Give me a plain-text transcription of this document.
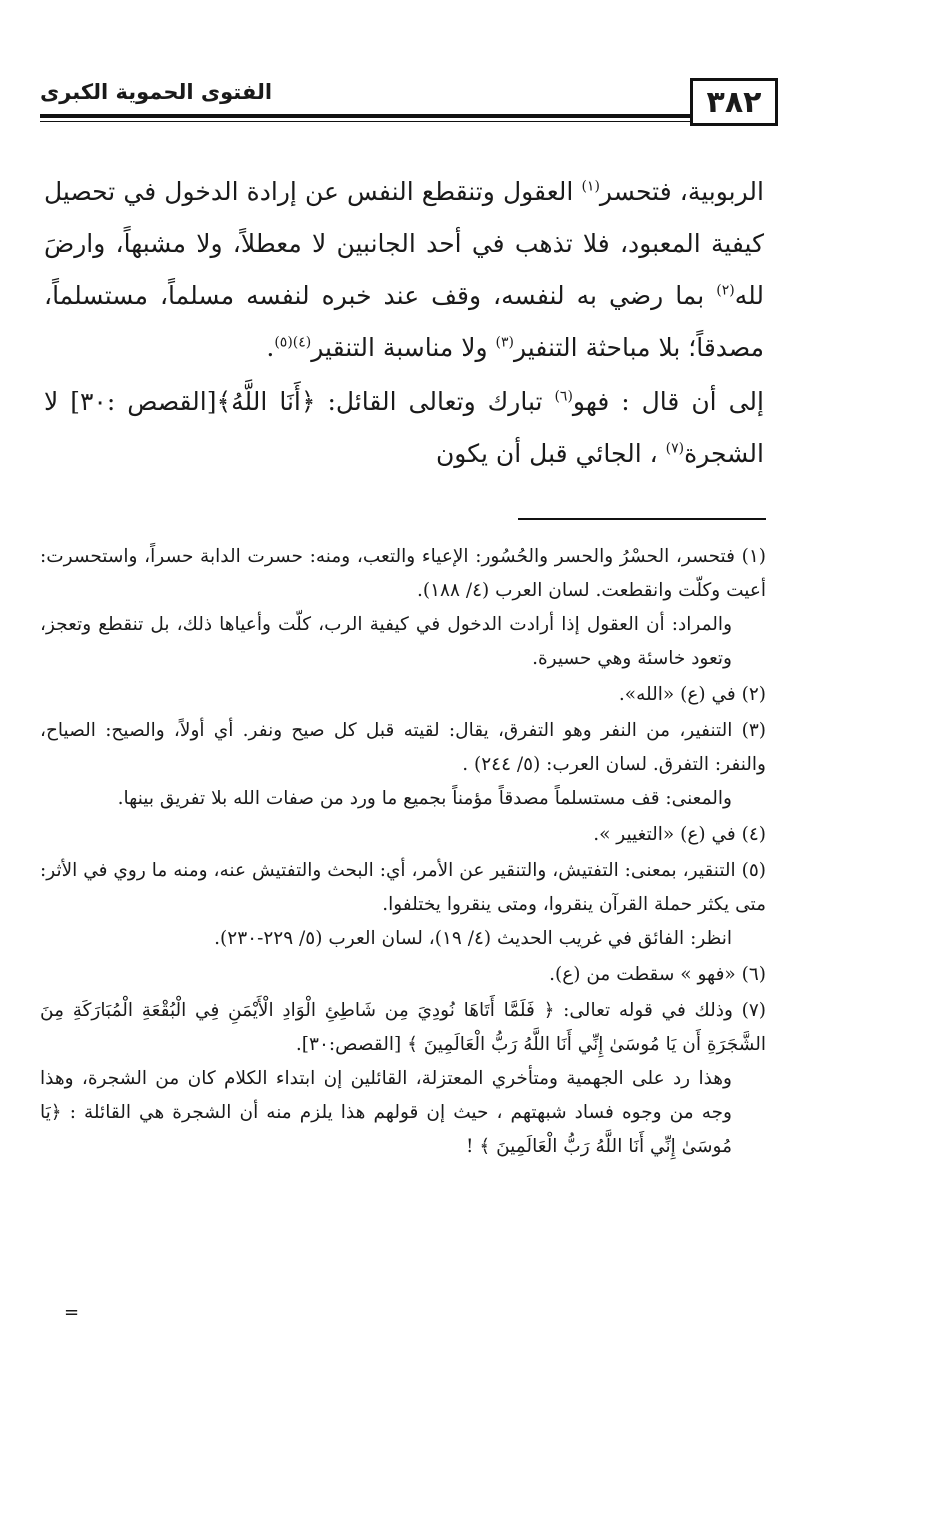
٣٨٢
الفتوى الحموية الكبرى

الربوبية، فتحسر$^{(١)}$ العقول وتنقطع النفس عن إرادة الدخول في تحصيل كيفية المعبود، فلا تذهب في أحد الجانبين لا معطلاً، ولا مشبهاً، وارضَ لله$^{(٢)}$ بما رضي به لنفسه، وقف عند خبره لنفسه مسلماً، مستسلماً، مصدقاً؛ بلا مباحثة التنفير$^{(٣)}$ ولا مناسبة التنقير$^{(٤)(٥)}$.

إلى أن قال : فهو$^{(٦)}$ تبارك وتعالى القائل: ﴿أَنَا اللَّهُ﴾[القصص :٣٠] لا الشجرة$^{(٧)}$ ، الجائي قبل أن يكون

(١) فتحسر، الحسْرُ والحسر والحُسُور: الإعياء والتعب، ومنه: حسرت الدابة حسراً، واستحسرت: أعيت وكلّت وانقطعت. لسان العرب (٤/ ١٨٨).
والمراد: أن العقول إذا أرادت الدخول في كيفية الرب، كلّت وأعياها ذلك، بل تنقطع وتعجز، وتعود خاسئة وهي حسيرة.
(٢) في (ع) «الله».
(٣) التنفير، من النفر وهو التفرق، يقال: لقيته قبل كل صيح ونفر. أي أولاً، والصيح: الصياح، والنفر: التفرق. لسان العرب: (٥/ ٢٤٤) .
والمعنى: قف مستسلماً مصدقاً مؤمناً بجميع ما ورد من صفات الله بلا تفريق بينها.
(٤) في (ع) «التغيير ».
(٥) التنقير، بمعنى: التفتيش، والتنقير عن الأمر، أي: البحث والتفتيش عنه، ومنه ما روي في الأثر: متى يكثر حملة القرآن ينقروا، ومتى ينقروا يختلفوا.
انظر: الفائق في غريب الحديث (٤/ ١٩)، لسان العرب (٥/ ٢٢٩-٢٣٠).
(٦) «فهو » سقطت من (ع).
(٧) وذلك في قوله تعالى: ﴿ فَلَمَّا أَتَاهَا نُودِيَ مِن شَاطِئِ الْوَادِ الْأَيْمَنِ فِي الْبُقْعَةِ الْمُبَارَكَةِ مِنَ الشَّجَرَةِ أَن يَا مُوسَىٰ إِنِّي أَنَا اللَّهُ رَبُّ الْعَالَمِينَ ﴾ [القصص:٣٠].
وهذا رد على الجهمية ومتأخري المعتزلة، القائلين إن ابتداء الكلام كان من الشجرة، وهذا وجه من وجوه فساد شبهتهم ، حيث إن قولهم هذا يلزم منه أن الشجرة هي القائلة : ﴿يَا مُوسَىٰ إِنِّي أَنَا اللَّهُ رَبُّ الْعَالَمِينَ ﴾ !
=
